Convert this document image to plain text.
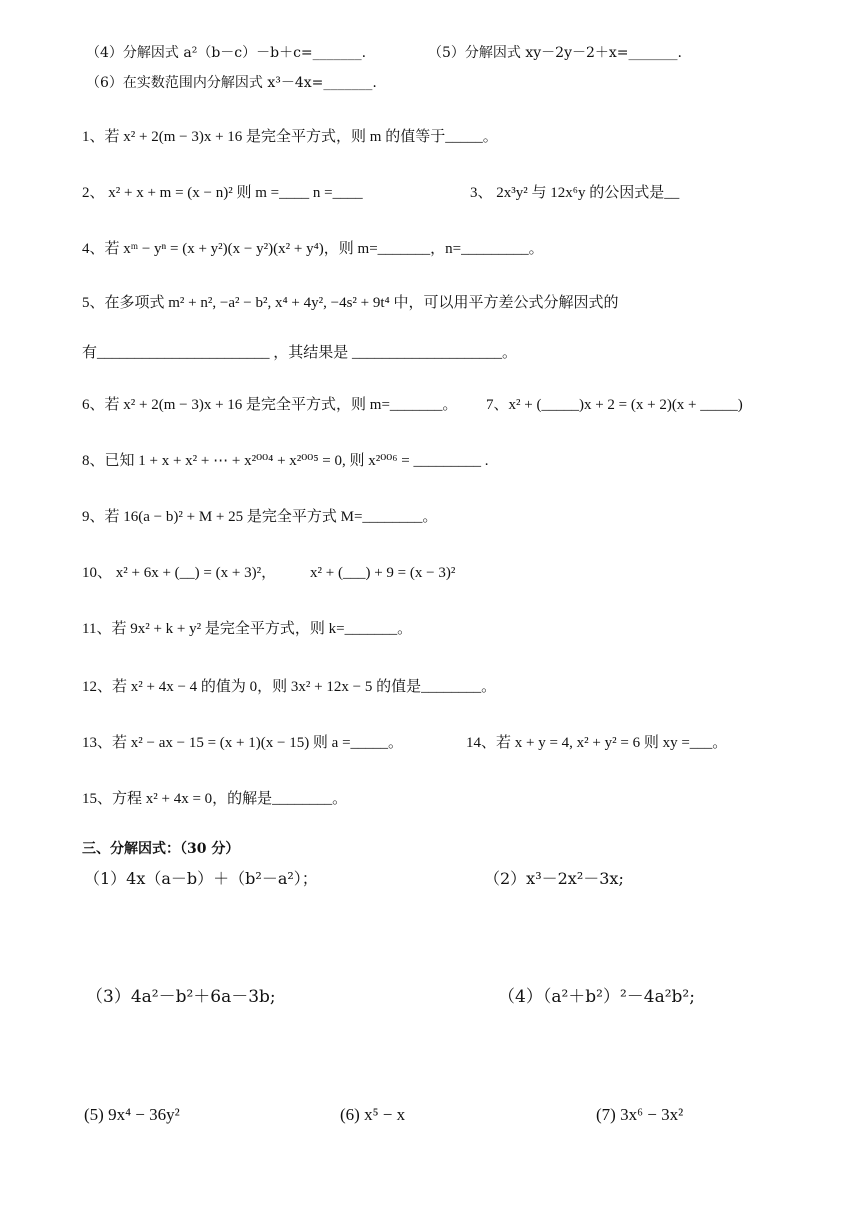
（4）分解因式 a²（b－c）－b＋c=_______.	（5）分解因式 xy－2y－2＋x=_______.
（6）在实数范围内分解因式 x³－4x=_______.
1、若 x² + 2(m − 3)x + 16 是完全平方式，则 m 的值等于_____。
2、 x² + x + m = (x − n)² 则 m =____ n =____	3、 2x³y² 与 12x⁶y 的公因式是__
4、若 xᵐ − yⁿ = (x + y²)(x − y²)(x² + y⁴)，则 m=_______，n=_________。
5、在多项式 m² + n², −a² − b², x⁴ + 4y², −4s² + 9t⁴ 中，可以用平方差公式分解因式的
有_______________________ ，其结果是 ____________________。
6、若 x² + 2(m − 3)x + 16 是完全平方式，则 m=_______。 7、x² + (_____)x + 2 = (x + 2)(x + _____)
8、已知 1 + x + x² + ⋯ + x²⁰⁰⁴ + x²⁰⁰⁵ = 0, 则 x²⁰⁰⁶ = _________ .
9、若 16(a − b)² + M + 25 是完全平方式 M=________。
10、 x² + 6x + (__) = (x + 3)²， x² + (___) + 9 = (x − 3)²
11、若 9x² + k + y² 是完全平方式，则 k=_______。
12、若 x² + 4x − 4 的值为 0，则 3x² + 12x − 5 的值是________。
13、若 x² − ax − 15 = (x + 1)(x − 15) 则 a =_____。	14、若 x + y = 4, x² + y² = 6 则 xy =___。
15、方程 x² + 4x = 0，的解是________。
三、分解因式：（30 分）
（1）4x（a－b）＋（b²－a²）；	（2）x³－2x²－3x;
（3）4a²－b²＋6a－3b;	（4）（a²＋b²）²－4a²b²;
(5) 9x⁴ − 36y²	(6) x⁵ − x	(7) 3x⁶ − 3x²
